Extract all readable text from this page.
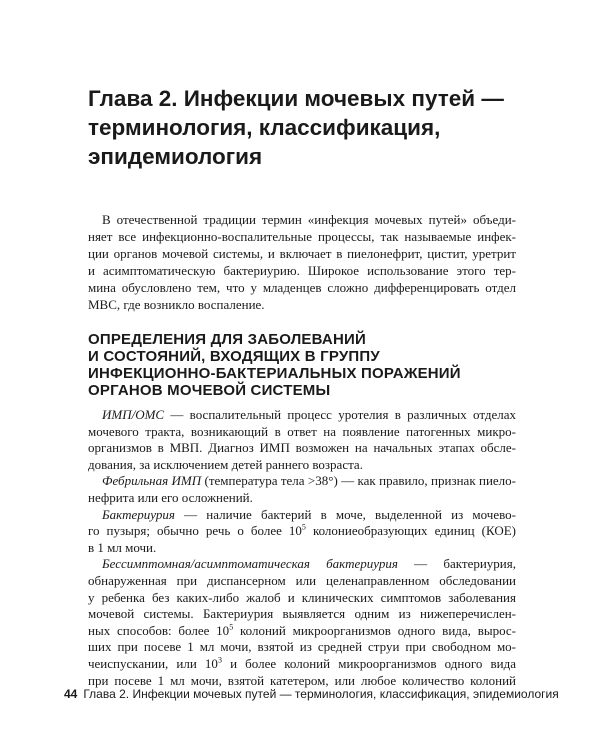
Глава 2. Инфекции мочевых путей —
терминология, классификация,
эпидемиология

В отечественной традиции термин «инфекция мочевых путей» объеди-
няет все инфекционно-воспалительные процессы, так называемые инфек-
ции органов мочевой системы, и включает в пиелонефрит, цистит, уретрит
и асимптоматическую бактериурию. Широкое использование этого тер-
мина обусловлено тем, что у младенцев сложно дифференцировать отдел
МВС, где возникло воспаление.

ОПРЕДЕЛЕНИЯ ДЛЯ ЗАБОЛЕВАНИЙ
И СОСТОЯНИЙ, ВХОДЯЩИХ В ГРУППУ
ИНФЕКЦИОННО-БАКТЕРИАЛЬНЫХ ПОРАЖЕНИЙ
ОРГАНОВ МОЧЕВОЙ СИСТЕМЫ
ИМП/ОМС — воспалительный процесс уротелия в различных отделах
мочевого тракта, возникающий в ответ на появление патогенных микро-
организмов в МВП. Диагноз ИМП возможен на начальных этапах обсле-
дования, за исключением детей раннего возраста.
Фебрильная ИМП (температура тела >38°) — как правило, признак пиело-
нефрита или его осложнений.
Бактериурия — наличие бактерий в моче, выделенной из мочево-
го пузыря; обычно речь о более $10^5$ колониеобразующих единиц (КОЕ)
в 1 мл мочи.
Бессимптомная/асимптоматическая бактериурия — бактериурия,
обнаруженная при диспансерном или целенаправленном обследовании
у ребенка без каких-либо жалоб и клинических симптомов заболевания
мочевой системы. Бактериурия выявляется одним из нижеперечислен-
ных способов: более $10^5$ колоний микроорганизмов одного вида, вырос-
ших при посеве 1 мл мочи, взятой из средней струи при свободном мо-
чеиспускании, или $10^3$ и более колоний микроорганизмов одного вида
при посеве 1 мл мочи, взятой катетером, или любое количество колоний
44 Глава 2. Инфекции мочевых путей — терминология, классификация, эпидемиология
